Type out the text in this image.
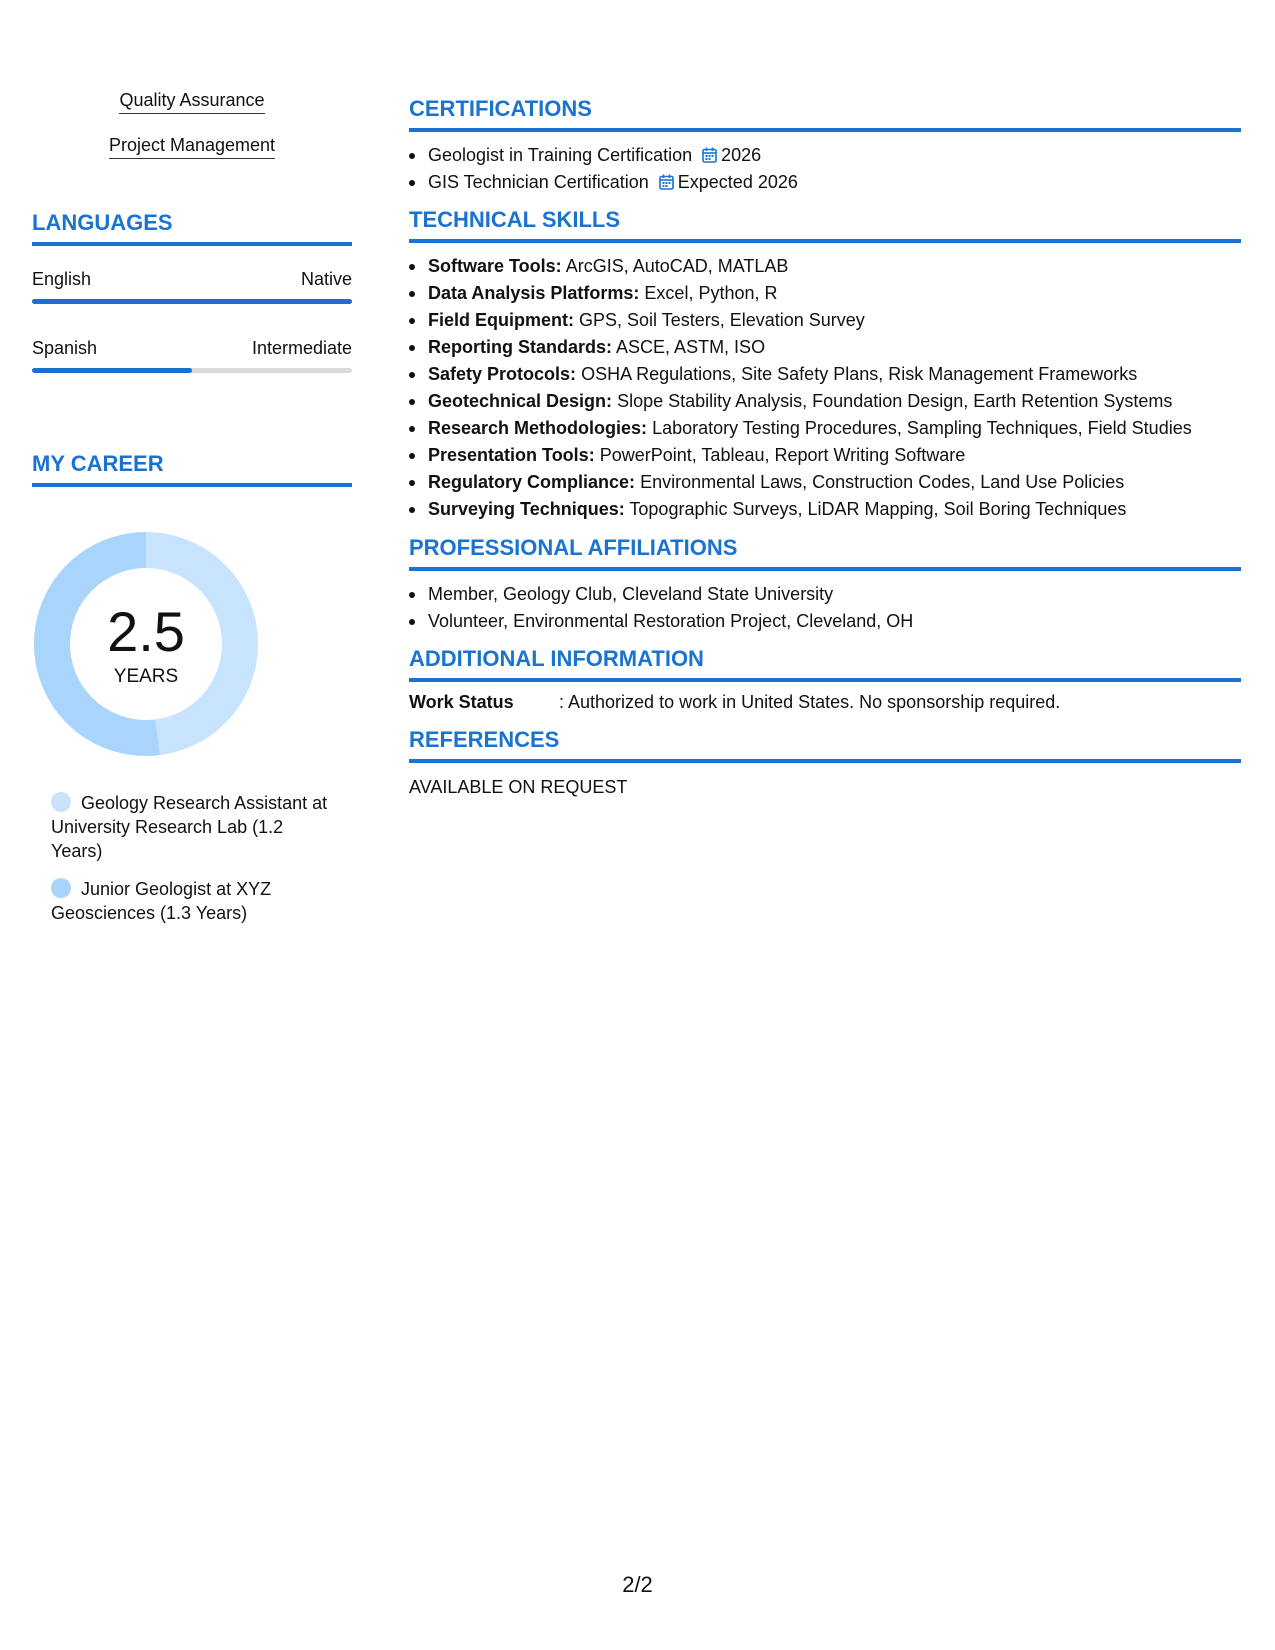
Quality Assurance
Project Management
LANGUAGES
English	Native
Spanish	Intermediate
MY CAREER
2.5
YEARS
Geology Research Assistant at University Research Lab (1.2 Years)
Junior Geologist at XYZ Geosciences (1.3 Years)
CERTIFICATIONS
Geologist in Training Certification 2026
GIS Technician Certification Expected 2026
TECHNICAL SKILLS
Software Tools: ArcGIS, AutoCAD, MATLAB
Data Analysis Platforms: Excel, Python, R
Field Equipment: GPS, Soil Testers, Elevation Survey
Reporting Standards: ASCE, ASTM, ISO
Safety Protocols: OSHA Regulations, Site Safety Plans, Risk Management Frameworks
Geotechnical Design: Slope Stability Analysis, Foundation Design, Earth Retention Systems
Research Methodologies: Laboratory Testing Procedures, Sampling Techniques, Field Studies
Presentation Tools: PowerPoint, Tableau, Report Writing Software
Regulatory Compliance: Environmental Laws, Construction Codes, Land Use Policies
Surveying Techniques: Topographic Surveys, LiDAR Mapping, Soil Boring Techniques
PROFESSIONAL AFFILIATIONS
Member, Geology Club, Cleveland State University
Volunteer, Environmental Restoration Project, Cleveland, OH
ADDITIONAL INFORMATION
Work Status	: Authorized to work in United States. No sponsorship required.
REFERENCES
AVAILABLE ON REQUEST
2/2
